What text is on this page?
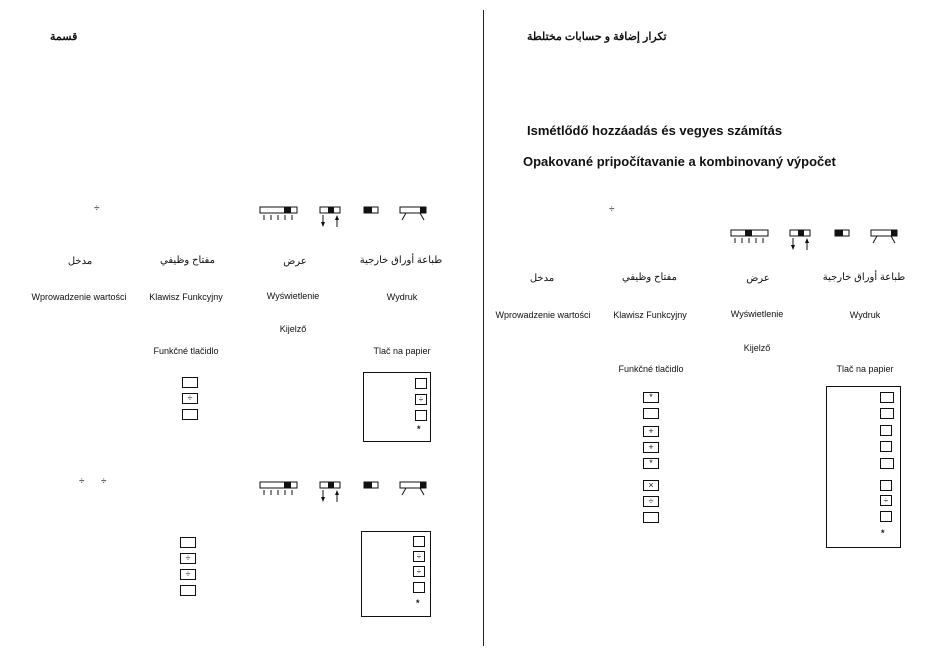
قسمة
÷
مدخل	مفتاح وظيفي	عرض	طباعة أوراق خارجية
Wprowadzenie wartości	Klawisz Funkcyjny	Wyświetlenie	Wydruk
Kijelző
Funkčné tlačidlo	Tlač na papier
÷	÷
*
÷ ÷
÷
÷
÷
÷
*
تكرار إضافة و حسابات مختلطة
Ismétlődő hozzáadás és vegyes számítás
Opakované pripočítavanie a kombinovaný výpočet
÷
مدخل	مفتاح وظيفي	عرض	طباعة أوراق خارجية
Wprowadzenie wartości	Klawisz Funkcyjny	Wyświetlenie	Wydruk
Kijelző
Funkčné tlačidlo	Tlač na papier
*
+
+
*
×
÷	÷
*
